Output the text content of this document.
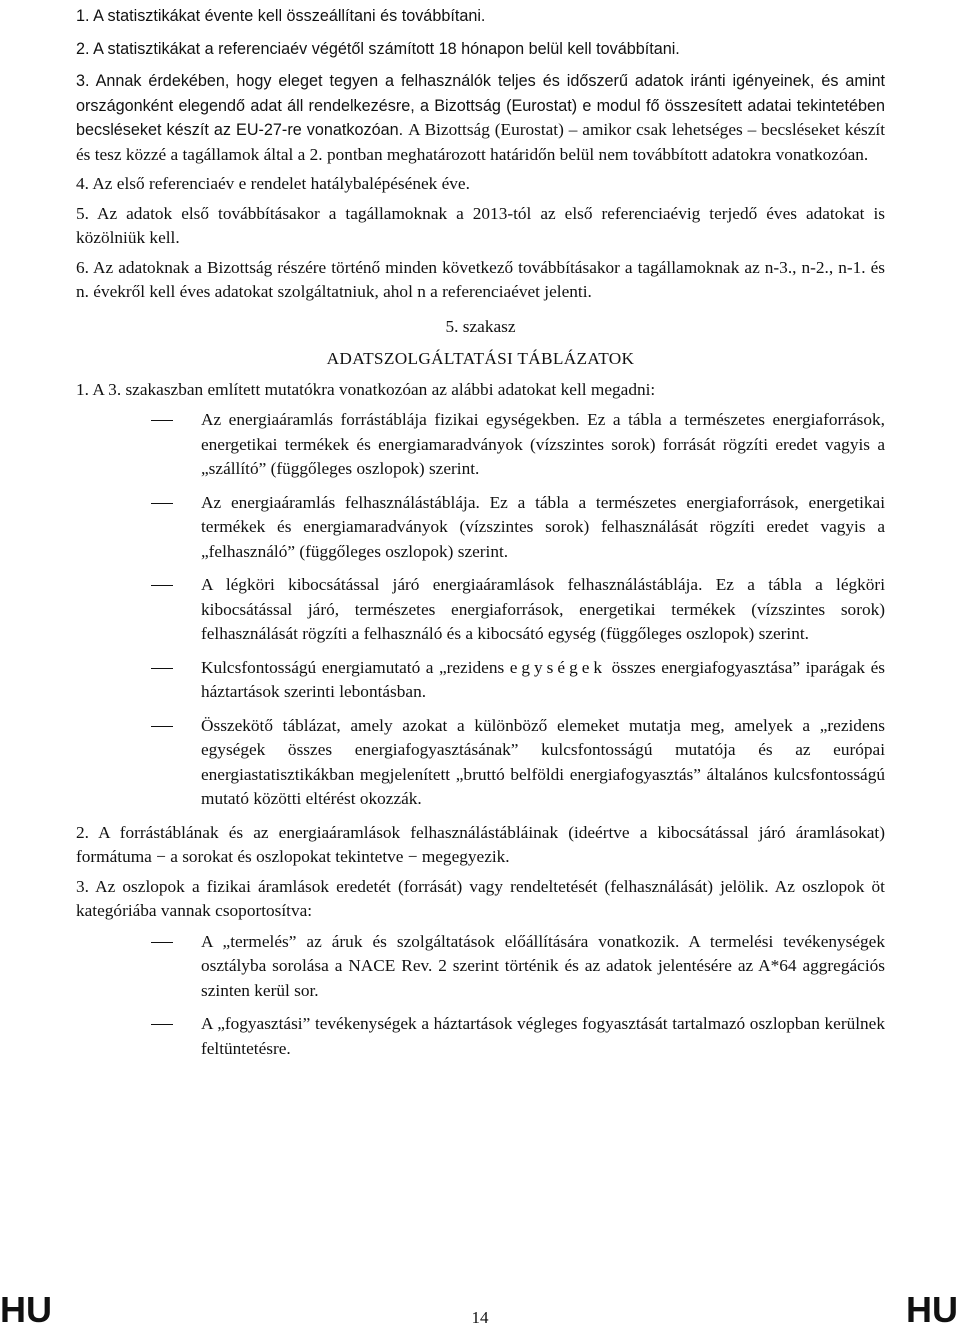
1. A statisztikákat évente kell összeállítani és továbbítani.

2. A statisztikákat a referenciaév végétől számított 18 hónapon belül kell továbbítani.

3. Annak érdekében, hogy eleget tegyen a felhasználók teljes és időszerű adatok iránti igényeinek, és amint országonként elegendő adat áll rendelkezésre, a Bizottság (Eurostat) e modul fő összesített adatai tekintetében becsléseket készít az EU-27-re vonatkozóan. A Bizottság (Eurostat) – amikor csak lehetséges – becsléseket készít és tesz közzé a tagállamok által a 2. pontban meghatározott határidőn belül nem továbbított adatokra vonatkozóan.

4. Az első referenciaév e rendelet hatálybalépésének éve.

5. Az adatok első továbbításakor a tagállamoknak a 2013-tól az első referenciaévig terjedő éves adatokat is közölniük kell.

6. Az adatoknak a Bizottság részére történő minden következő továbbításakor a tagállamoknak az n-3., n-2., n-1. és n. évekről kell éves adatokat szolgáltatniuk, ahol n a referenciaévet jelenti.

5. szakasz

ADATSZOLGÁLTATÁSI TÁBLÁZATOK

1. A 3. szakaszban említett mutatókra vonatkozóan az alábbi adatokat kell megadni:

Az energiaáramlás forrástáblája fizikai egységekben. Ez a tábla a természetes energiaforrások, energetikai termékek és energiamaradványok (vízszintes sorok) forrását rögzíti eredet vagyis a „szállító” (függőleges oszlopok) szerint.
Az energiaáramlás felhasználástáblája. Ez a tábla a természetes energiaforrások, energetikai termékek és energiamaradványok (vízszintes sorok) felhasználását rögzíti eredet vagyis a „felhasználó” (függőleges oszlopok) szerint.
A légköri kibocsátással járó energiaáramlások felhasználástáblája. Ez a tábla a légköri kibocsátással járó, természetes energiaforrások, energetikai termékek (vízszintes sorok) felhasználását rögzíti a felhasználó és a kibocsátó egység (függőleges oszlopok) szerint.
Kulcsfontosságú energiamutató a „rezidens egységek összes energiafogyasztása” iparágak és háztartások szerinti lebontásban.
Összekötő táblázat, amely azokat a különböző elemeket mutatja meg, amelyek a „rezidens egységek összes energiafogyasztásának” kulcsfontosságú mutatója és az európai energiastatisztikákban megjelenített „bruttó belföldi energiafogyasztás” általános kulcsfontosságú mutató közötti eltérést okozzák.

2. A forrástáblának és az energiaáramlások felhasználástábláinak (ideértve a kibocsátással járó áramlásokat) formátuma − a sorokat és oszlopokat tekintetve − megegyezik.

3. Az oszlopok a fizikai áramlások eredetét (forrását) vagy rendeltetését (felhasználását) jelölik. Az oszlopok öt kategóriába vannak csoportosítva:

A „termelés” az áruk és szolgáltatások előállítására vonatkozik. A termelési tevékenységek osztályba sorolása a NACE Rev. 2 szerint történik és az adatok jelentésére az A*64 aggregációs szinten kerül sor.
A „fogyasztási” tevékenységek a háztartások végleges fogyasztását tartalmazó oszlopban kerülnek feltüntetésre.
HU	14	HU
